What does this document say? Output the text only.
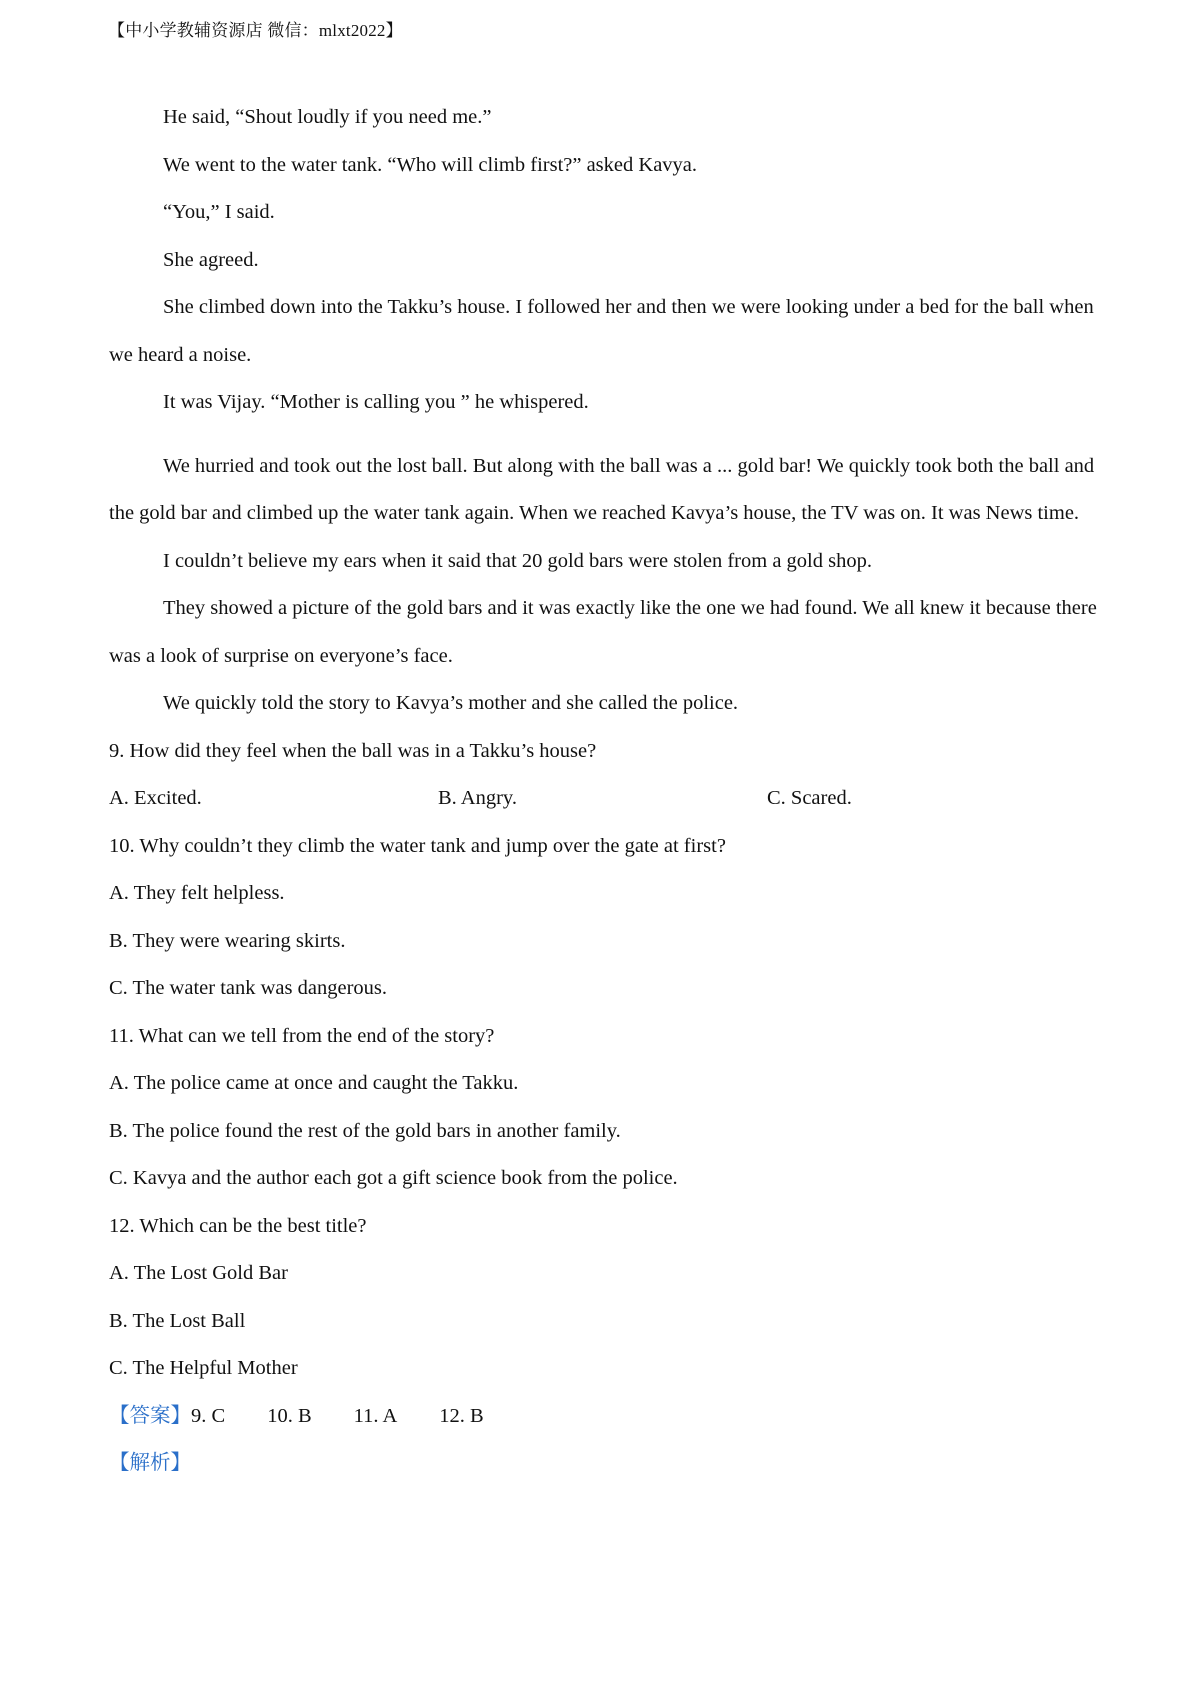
【中小学教辅资源店 微信：mlxt2022】

He said, “Shout loudly if you need me.”

We went to the water tank. “Who will climb first?” asked Kavya.

“You,” I said.

She agreed.

She climbed down into the Takku’s house. I followed her and then we were looking under a bed for the ball when we heard a noise.

It was Vijay. “Mother is calling you ” he whispered.

We hurried and took out the lost ball. But along with the ball was a ... gold bar! We quickly took both the ball and the gold bar and climbed up the water tank again. When we reached Kavya’s house, the TV was on. It was News time.

I couldn’t believe my ears when it said that 20 gold bars were stolen from a gold shop.

They showed a picture of the gold bars and it was exactly like the one we had found. We all knew it because there was a look of surprise on everyone’s face.

We quickly told the story to Kavya’s mother and she called the police.

9. How did they feel when the ball was in a Takku’s house?

A. Excited.	B. Angry.	C. Scared.

10. Why couldn’t they climb the water tank and jump over the gate at first?

A. They felt helpless.

B. They were wearing skirts.

C. The water tank was dangerous.

11. What can we tell from the end of the story?

A. The police came at once and caught the Takku.

B. The police found the rest of the gold bars in another family.

C. Kavya and the author each got a gift science book from the police.

12. Which can be the best title?

A. The Lost Gold Bar

B. The Lost Ball

C. The Helpful Mother

【答案】9. C 10. B 11. A 12. B

【解析】
